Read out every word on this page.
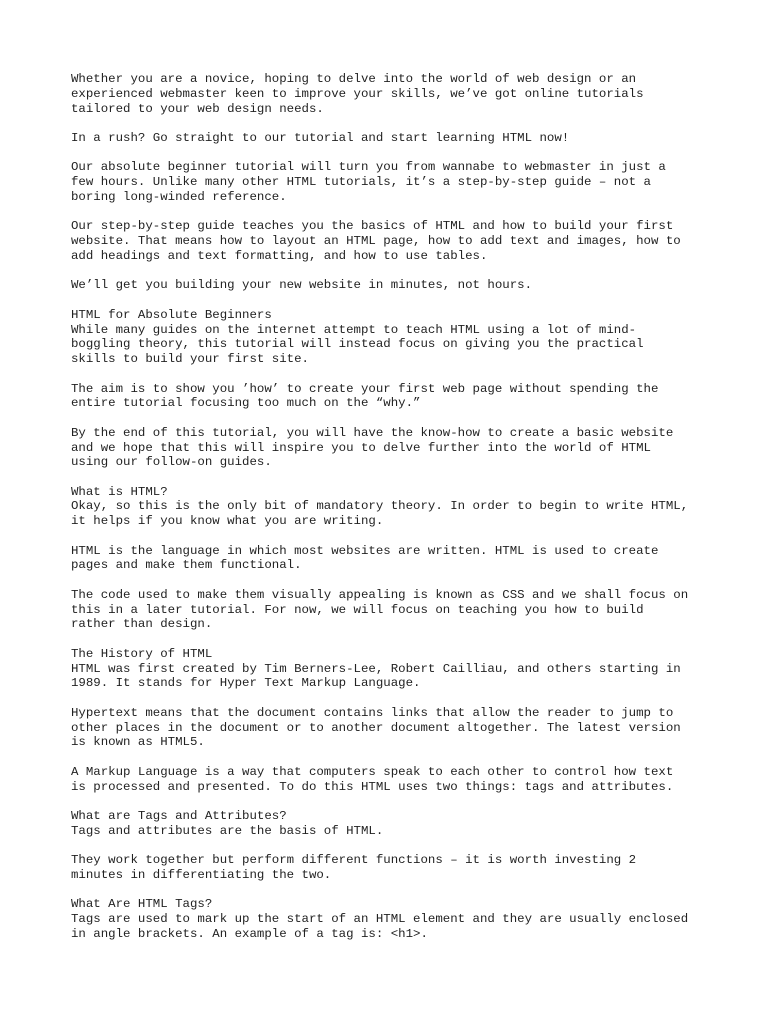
Whether you are a novice, hoping to delve into the world of web design or an
experienced webmaster keen to improve your skills, we’ve got online tutorials
tailored to your web design needs.
In a rush? Go straight to our tutorial and start learning HTML now!
Our absolute beginner tutorial will turn you from wannabe to webmaster in just a
few hours. Unlike many other HTML tutorials, it’s a step-by-step guide – not a
boring long-winded reference.
Our step-by-step guide teaches you the basics of HTML and how to build your first
website. That means how to layout an HTML page, how to add text and images, how to
add headings and text formatting, and how to use tables.
We’ll get you building your new website in minutes, not hours.
HTML for Absolute Beginners
While many guides on the internet attempt to teach HTML using a lot of mind-
boggling theory, this tutorial will instead focus on giving you the practical
skills to build your first site.
The aim is to show you ’how’ to create your first web page without spending the
entire tutorial focusing too much on the “why.”
By the end of this tutorial, you will have the know-how to create a basic website
and we hope that this will inspire you to delve further into the world of HTML
using our follow-on guides.
What is HTML?
Okay, so this is the only bit of mandatory theory. In order to begin to write HTML,
it helps if you know what you are writing.
HTML is the language in which most websites are written. HTML is used to create
pages and make them functional.
The code used to make them visually appealing is known as CSS and we shall focus on
this in a later tutorial. For now, we will focus on teaching you how to build
rather than design.
The History of HTML
HTML was first created by Tim Berners-Lee, Robert Cailliau, and others starting in
1989. It stands for Hyper Text Markup Language.
Hypertext means that the document contains links that allow the reader to jump to
other places in the document or to another document altogether. The latest version
is known as HTML5.
A Markup Language is a way that computers speak to each other to control how text
is processed and presented. To do this HTML uses two things: tags and attributes.
What are Tags and Attributes?
Tags and attributes are the basis of HTML.
They work together but perform different functions – it is worth investing 2
minutes in differentiating the two.
What Are HTML Tags?
Tags are used to mark up the start of an HTML element and they are usually enclosed
in angle brackets. An example of a tag is: <h1>.
